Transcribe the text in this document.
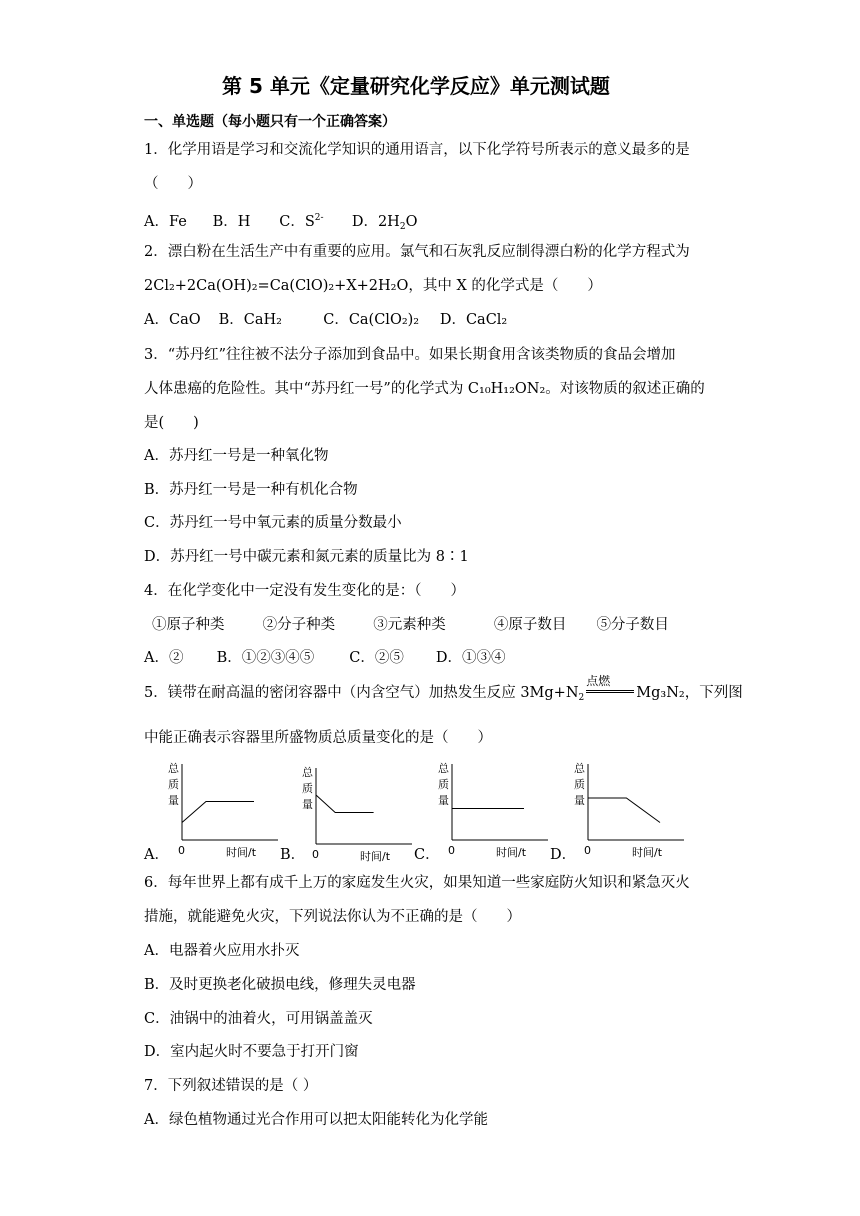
第 5 单元《定量研究化学反应》单元测试题
一、单选题（每小题只有一个正确答案）
1．化学用语是学习和交流化学知识的通用语言，以下化学符号所表示的意义最多的是
（　　）
A．Fe B．H C．$S^{2-}$ D．$2H_2O$
2．漂白粉在生活生产中有重要的应用。氯气和石灰乳反应制得漂白粉的化学方程式为
2Cl₂+2Ca(OH)₂=Ca(ClO)₂+X+2H₂O，其中 X 的化学式是（　　）
A．CaO B．CaH₂	C．Ca(ClO₂)₂ D．CaCl₂
3．“苏丹红”往往被不法分子添加到食品中。如果长期食用含该类物质的食品会增加
人体患癌的危险性。其中“苏丹红一号”的化学式为 C₁₀H₁₂ON₂。对该物质的叙述正确的
是(　　)
A．苏丹红一号是一种氧化物
B．苏丹红一号是一种有机化合物
C．苏丹红一号中氧元素的质量分数最小
D．苏丹红一号中碳元素和氮元素的质量比为 8∶1
4．在化学变化中一定没有发生变化的是：（　　）
①原子种类	②分子种类	③元素种类	④原子数目 ⑤分子数目
A．② B．①②③④⑤ C．②⑤ D．①③④
5．镁带在耐高温的密闭容器中（内含空气）加热发生反应 $3Mg+N_2$
点燃
Mg₃N₂，下列图
中能正确表示容器里所盛物质总质量变化的是（　　）
A．	B．	C．	D．
总
质
量
0	时间/t
总
质
量
0	时间/t
总
质
量
0	时间/t
总
质
量
0	时间/t
6．每年世界上都有成千上万的家庭发生火灾，如果知道一些家庭防火知识和紧急灭火
措施，就能避免火灾，下列说法你认为不正确的是（　　）
A．电器着火应用水扑灭
B．及时更换老化破损电线，修理失灵电器
C．油锅中的油着火，可用锅盖盖灭
D．室内起火时不要急于打开门窗
7．下列叙述错误的是（ ）
A．绿色植物通过光合作用可以把太阳能转化为化学能
